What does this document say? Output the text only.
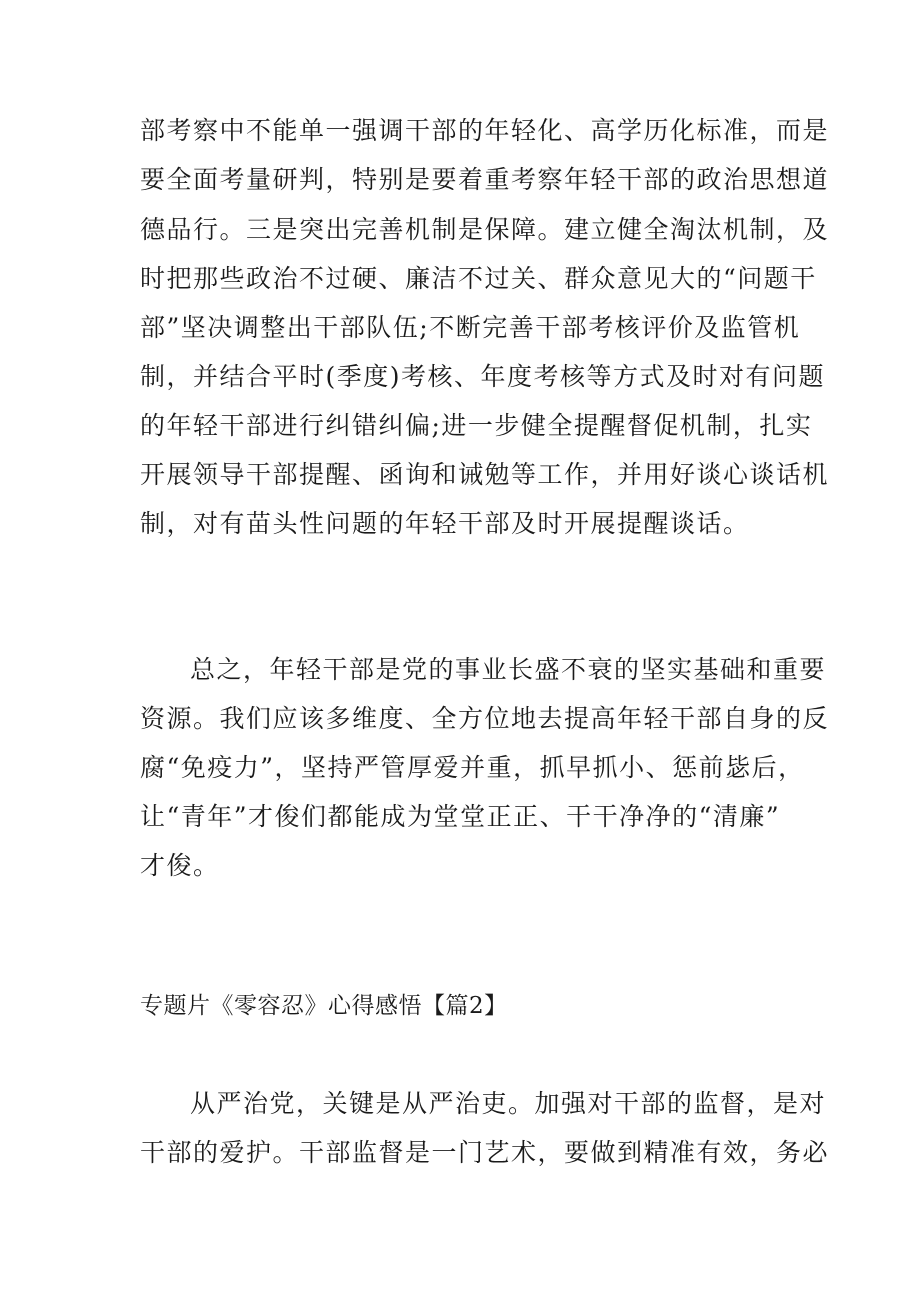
部考察中不能单一强调干部的年轻化、高学历化标准，而是
要全面考量研判，特别是要着重考察年轻干部的政治思想道
德品行。三是突出完善机制是保障。建立健全淘汰机制，及
时把那些政治不过硬、廉洁不过关、群众意见大的“问题干
部”坚决调整出干部队伍;不断完善干部考核评价及监管机
制，并结合平时(季度)考核、年度考核等方式及时对有问题
的年轻干部进行纠错纠偏;进一步健全提醒督促机制，扎实
开展领导干部提醒、函询和诫勉等工作，并用好谈心谈话机
制，对有苗头性问题的年轻干部及时开展提醒谈话。
总之，年轻干部是党的事业长盛不衰的坚实基础和重要
资源。我们应该多维度、全方位地去提高年轻干部自身的反
腐“免疫力”，坚持严管厚爱并重，抓早抓小、惩前毖后，
让“青年”才俊们都能成为堂堂正正、干干净净的“清廉”
才俊。
专题片《零容忍》心得感悟【篇2】
从严治党，关键是从严治吏。加强对干部的监督，是对
干部的爱护。干部监督是一门艺术，要做到精准有效，务必
